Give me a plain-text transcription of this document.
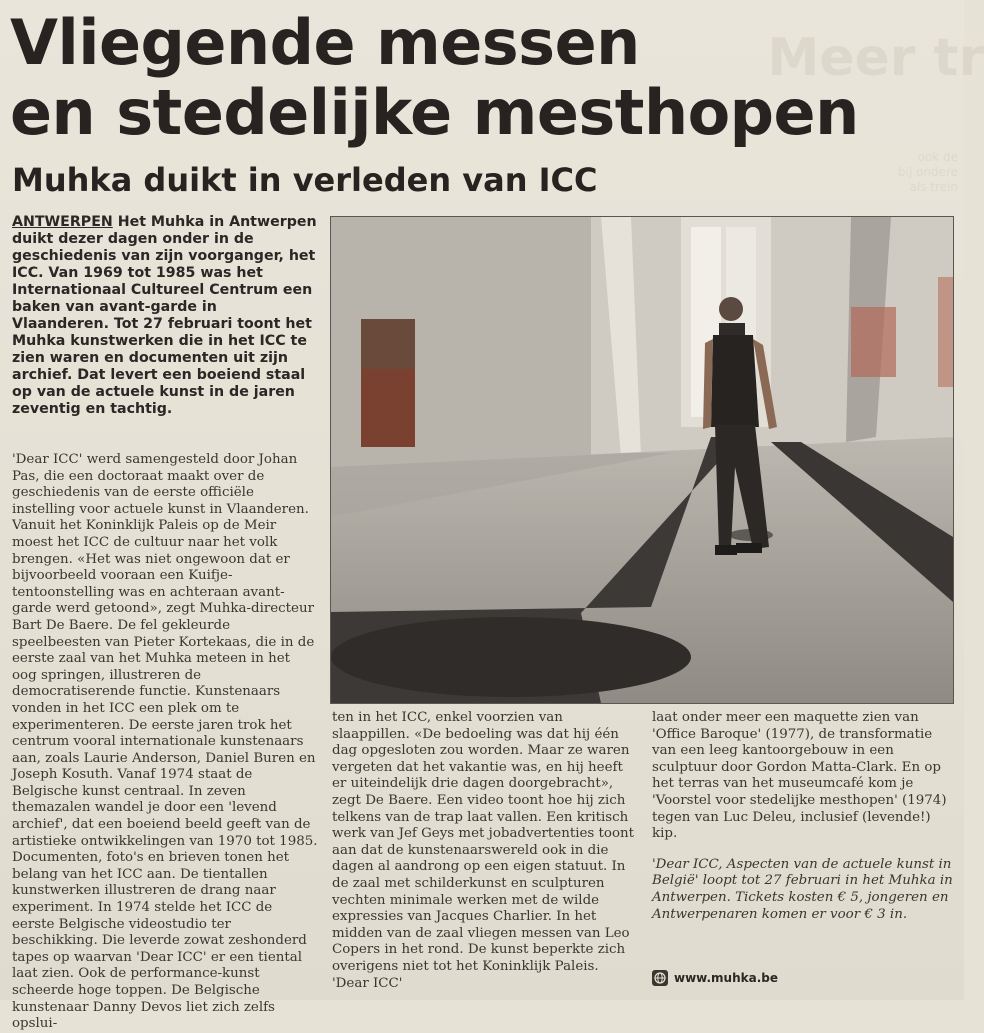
Meer tr
ook de
bij ondere
als trein
Vliegende messen
en stedelijke mesthopen
Muhka duikt in verleden van ICC

ANTWERPEN Het Muhka in Antwerpen duikt dezer dagen onder in de geschiedenis van zijn voorganger, het ICC. Van 1969 tot 1985 was het Internationaal Cultureel Centrum een baken van avant-garde in Vlaanderen. Tot 27 februari toont het Muhka kunstwerken die in het ICC te zien waren en documenten uit zijn archief. Dat levert een boeiend staal op van de actuele kunst in de jaren zeventig en tachtig.

'Dear ICC' werd samengesteld door Johan Pas, die een doctoraat maakt over de geschiedenis van de eerste officiële instelling voor actuele kunst in Vlaanderen. Vanuit het Koninklijk Paleis op de Meir moest het ICC de cultuur naar het volk brengen. «Het was niet ongewoon dat er bijvoorbeeld vooraan een Kuifje-tentoonstelling was en achteraan avant-garde werd getoond», zegt Muhka-directeur Bart De Baere. De fel gekleurde speelbeesten van Pieter Kortekaas, die in de eerste zaal van het Muhka meteen in het oog springen, illustreren de democratiserende functie. Kunstenaars vonden in het ICC een plek om te experimenteren. De eerste jaren trok het centrum vooral internationale kunstenaars aan, zoals Laurie Anderson, Daniel Buren en Joseph Kosuth. Vanaf 1974 staat de Belgische kunst centraal. In zeven themazalen wandel je door een 'levend archief', dat een boeiend beeld geeft van de artistieke ontwikkelingen van 1970 tot 1985. Documenten, foto's en brieven tonen het belang van het ICC aan. De tientallen kunstwerken illustreren de drang naar experiment. In 1974 stelde het ICC de eerste Belgische videostudio ter beschikking. Die leverde zowat zeshonderd tapes op waarvan 'Dear ICC' er een tiental laat zien. Ook de performance-kunst scheerde hoge toppen. De Belgische kunstenaar Danny Devos liet zich zelfs opslui-

ten in het ICC, enkel voorzien van slaappillen. «De bedoeling was dat hij één dag opgesloten zou worden. Maar ze waren vergeten dat het vakantie was, en hij heeft er uiteindelijk drie dagen doorgebracht», zegt De Baere. Een video toont hoe hij zich telkens van de trap laat vallen. Een kritisch werk van Jef Geys met jobadvertenties toont aan dat de kunstenaarswereld ook in die dagen al aandrong op een eigen statuut. In de zaal met schilderkunst en sculpturen vechten minimale werken met de wilde expressies van Jacques Charlier. In het midden van de zaal vliegen messen van Leo Copers in het rond. De kunst beperkte zich overigens niet tot het Koninklijk Paleis. 'Dear ICC'

laat onder meer een maquette zien van 'Office Baroque' (1977), de transformatie van een leeg kantoorgebouw in een sculptuur door Gordon Matta-Clark. En op het terras van het museumcafé kom je 'Voorstel voor stedelijke mesthopen' (1974) tegen van Luc Deleu, inclusief (levende!) kip.

'Dear ICC, Aspecten van de actuele kunst in België' loopt tot 27 februari in het Muhka in Antwerpen. Tickets kosten € 5, jongeren en Antwerpenaren komen er voor € 3 in.

www.muhka.be
